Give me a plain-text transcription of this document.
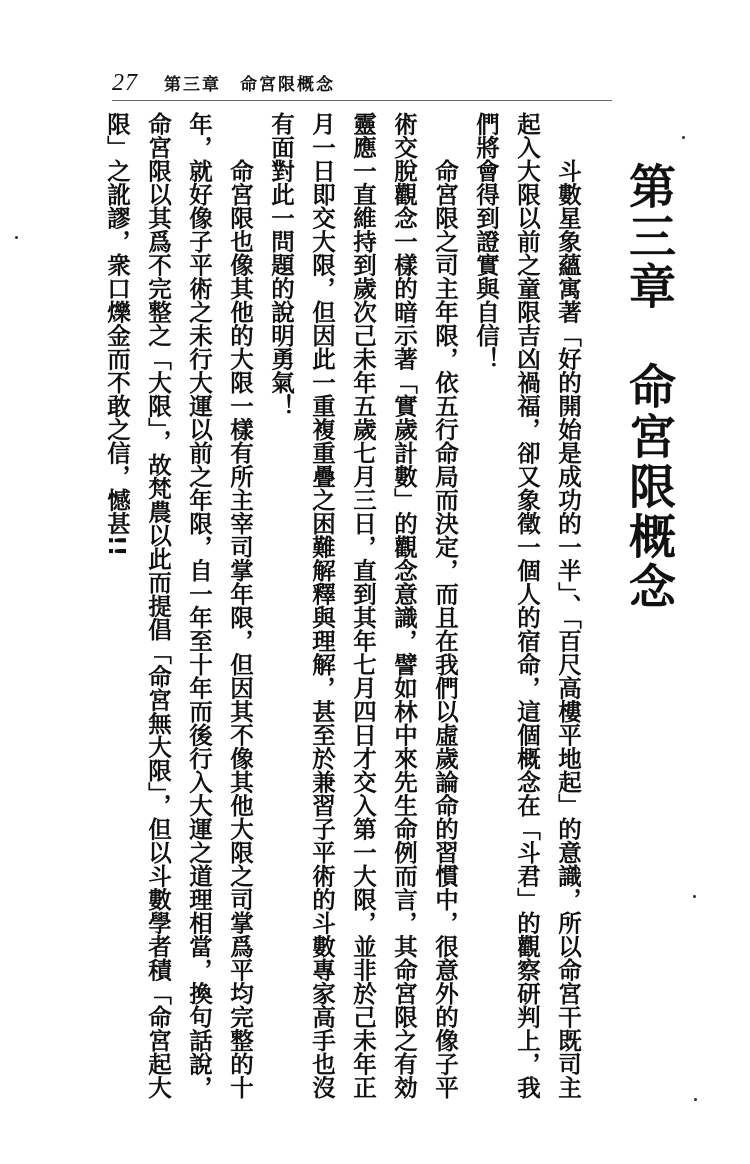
27 第三章　命宮限概念
第三章　命宮限概念

斗數星象蘊寓著「好的開始是成功的一半」、「百尺高樓平地起」的意識，所以命宮干既司主起入大限以前之童限吉凶禍福，卻又象徵一個人的宿命，這個概念在「斗君」的觀察研判上，我們將會得到證實與自信！

命宮限之司主年限，依五行命局而決定，而且在我們以虛歲論命的習慣中，很意外的像子平術交脫觀念一樣的暗示著「實歲計數」的觀念意識，譬如林中來先生命例而言，其命宮限之有効靈應一直維持到歲次己未年五歲七月三日，直到其年七月四日才交入第一大限，並非於己未年正月一日即交大限，但因此一重複重疊之困難解釋與理解，甚至於兼習子平術的斗數專家高手也沒有面對此一問題的說明勇氣！

命宮限也像其他的大限一樣有所主宰司掌年限，但因其不像其他大限之司掌爲平均完整的十年，就好像子平術之未行大運以前之年限，自一年至十年而後行入大運之道理相當，換句話說，命宮限以其爲不完整之「大限」，故梵農以此而提倡「命宮無大限」，但以斗數學者積「命宮起大限」之訛謬，衆口爍金而不敢之信，憾甚!!
